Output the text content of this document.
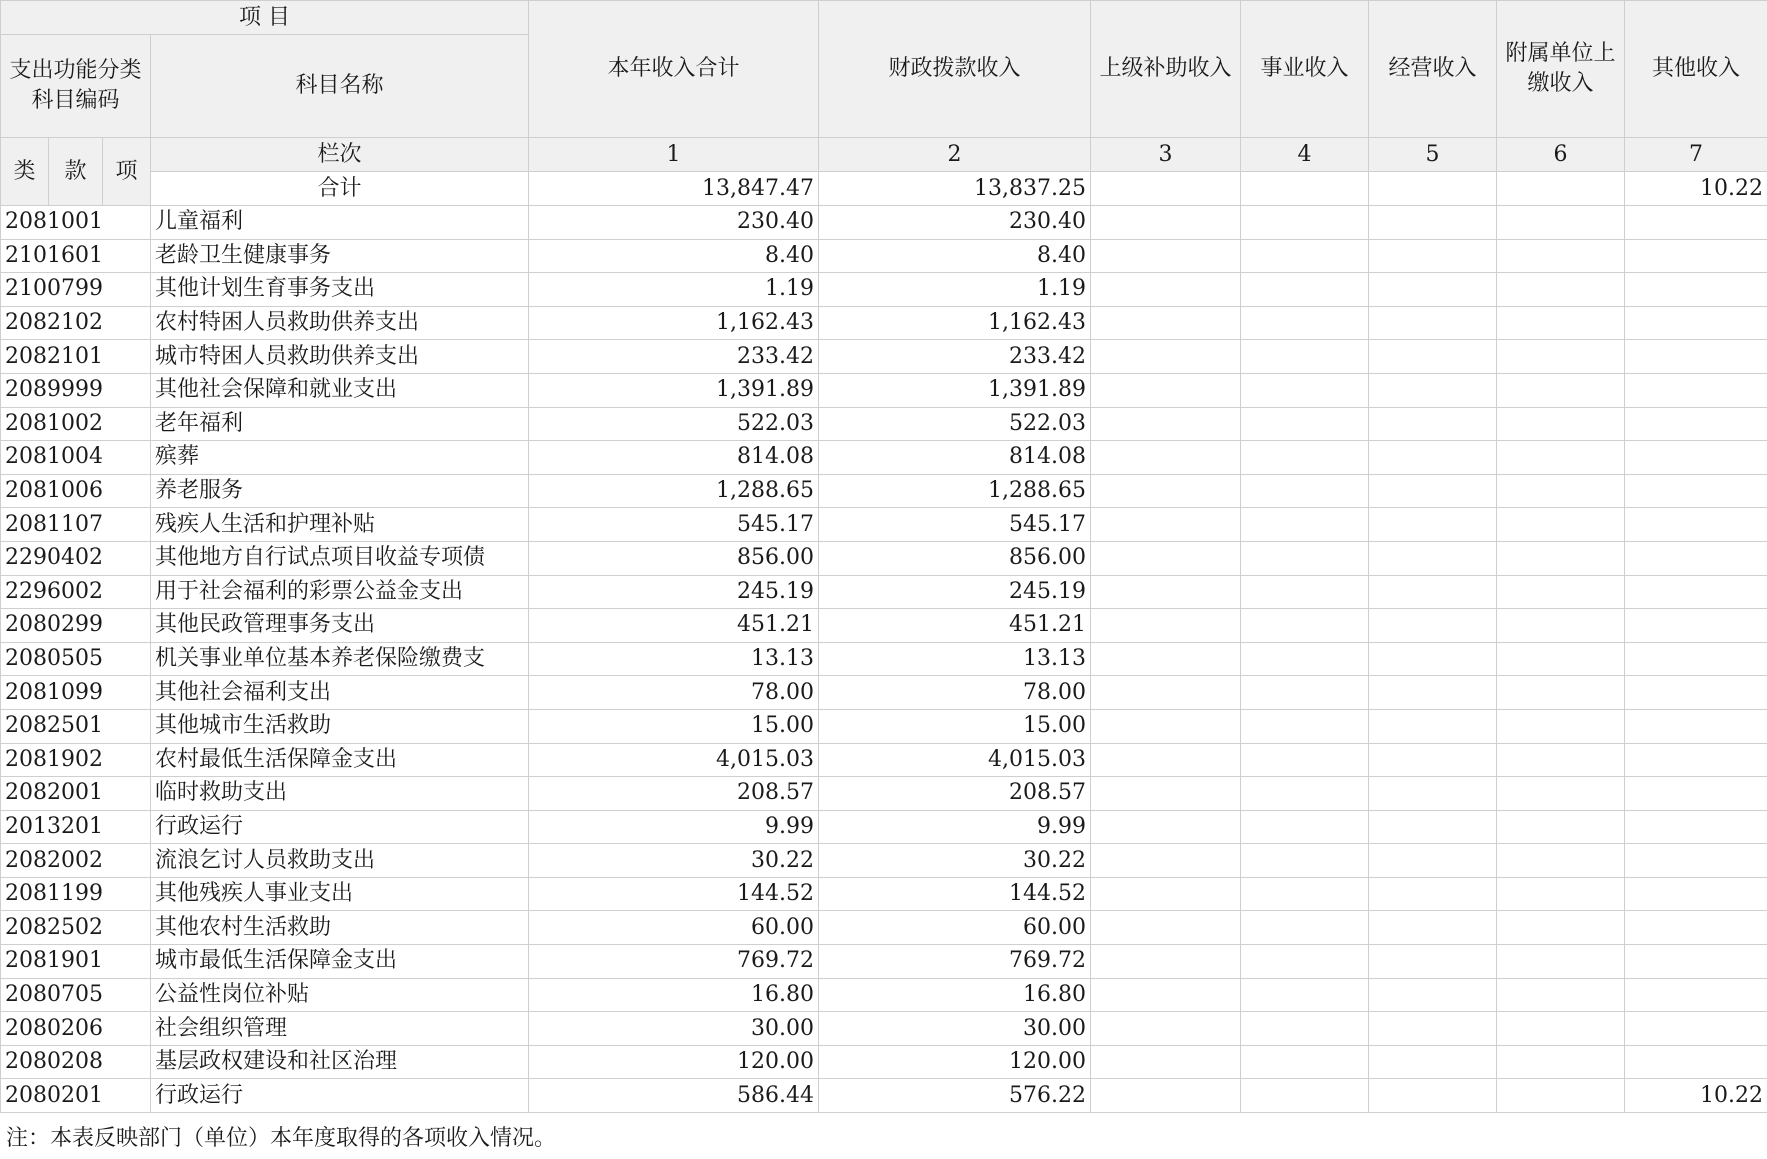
项 目				本年收入合计	财政拨款收入	上级补助收入	事业收入	经营收入	附属单位上缴收入	其他收入
支出功能分类科目编码			科目名称							
类	款	项	栏次	1	2	3	4	5	6	7
			合计	13,847.47	13,837.25					10.22
2081001			儿童福利	230.40	230.40					
2101601			老龄卫生健康事务	8.40	8.40					
2100799			其他计划生育事务支出	1.19	1.19					
2082102			农村特困人员救助供养支出	1,162.43	1,162.43					
2082101			城市特困人员救助供养支出	233.42	233.42					
2089999			其他社会保障和就业支出	1,391.89	1,391.89					
2081002			老年福利	522.03	522.03					
2081004			殡葬	814.08	814.08					
2081006			养老服务	1,288.65	1,288.65					
2081107			残疾人生活和护理补贴	545.17	545.17					
2290402			其他地方自行试点项目收益专项债	856.00	856.00					
2296002			用于社会福利的彩票公益金支出	245.19	245.19					
2080299			其他民政管理事务支出	451.21	451.21					
2080505			机关事业单位基本养老保险缴费支	13.13	13.13					
2081099			其他社会福利支出	78.00	78.00					
2082501			其他城市生活救助	15.00	15.00					
2081902			农村最低生活保障金支出	4,015.03	4,015.03					
2082001			临时救助支出	208.57	208.57					
2013201			行政运行	9.99	9.99					
2082002			流浪乞讨人员救助支出	30.22	30.22					
2081199			其他残疾人事业支出	144.52	144.52					
2082502			其他农村生活救助	60.00	60.00					
2081901			城市最低生活保障金支出	769.72	769.72					
2080705			公益性岗位补贴	16.80	16.80					
2080206			社会组织管理	30.00	30.00					
2080208			基层政权建设和社区治理	120.00	120.00					
2080201			行政运行	586.44	576.22					10.22
注：本表反映部门（单位）本年度取得的各项收入情况。
